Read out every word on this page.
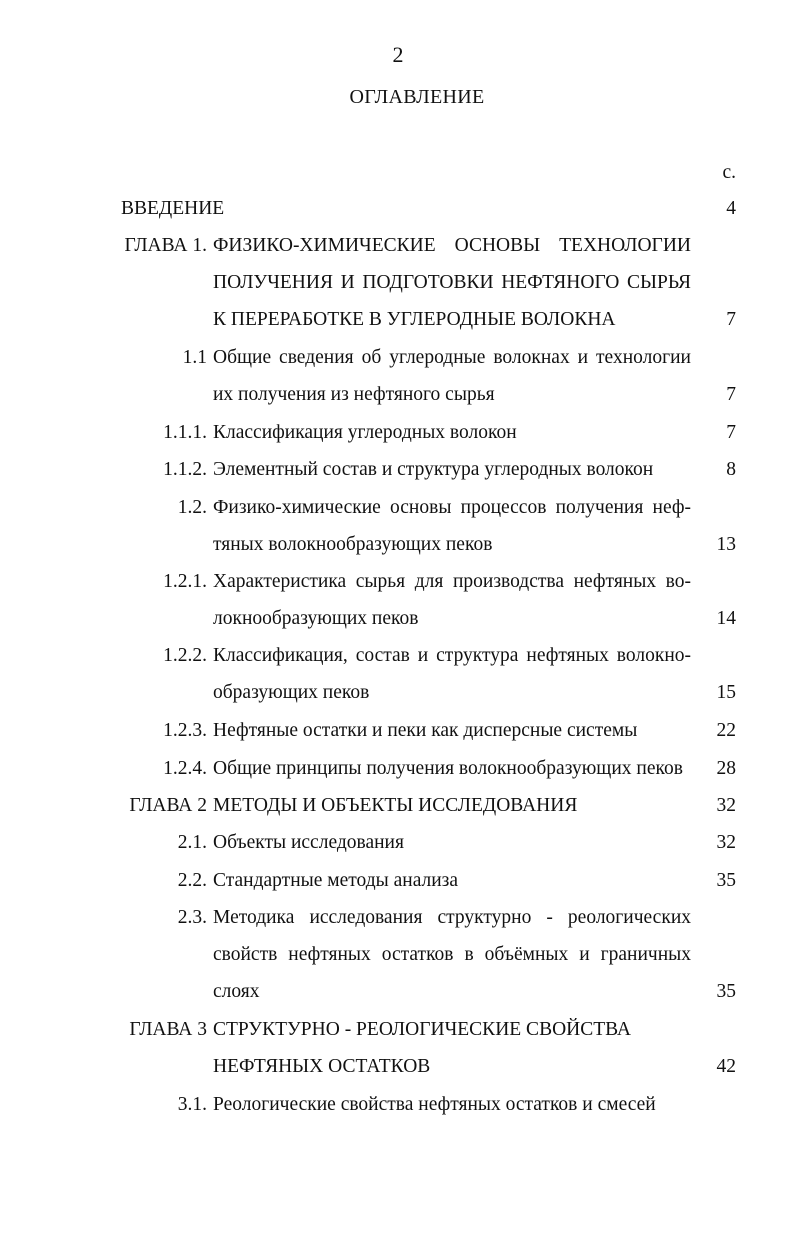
2
ОГЛАВЛЕНИЕ
с.
ВВЕДЕНИЕ	4
ГЛАВА 1. ФИЗИКО-ХИМИЧЕСКИЕ ОСНОВЫ ТЕХНОЛОГИИ
ПОЛУЧЕНИЯ И ПОДГОТОВКИ НЕФТЯНОГО СЫРЬЯ
К ПЕРЕРАБОТКЕ В УГЛЕРОДНЫЕ ВОЛОКНА	7
1.1 Общие сведения об углеродные волокнах и технологии
их получения из нефтяного сырья	7
1.1.1. Классификация углеродных волокон	7
1.1.2. Элементный состав и структура углеродных волокон	8
1.2. Физико-химические основы процессов получения неф-
тяных волокнообразующих пеков	13
1.2.1. Характеристика сырья для производства нефтяных во-
локнообразующих пеков	14
1.2.2. Классификация, состав и структура нефтяных волокно-
образующих пеков	15
1.2.3. Нефтяные остатки и пеки как дисперсные системы	22
1.2.4. Общие принципы получения волокнообразующих пеков	28
ГЛАВА 2 МЕТОДЫ И ОБЪЕКТЫ ИССЛЕДОВАНИЯ	32
2.1. Объекты исследования	32
2.2. Стандартные методы анализа	35
2.3. Методика исследования структурно - реологических
свойств нефтяных остатков в объёмных и граничных
слоях	35
ГЛАВА 3 СТРУКТУРНО - РЕОЛОГИЧЕСКИЕ СВОЙСТВА
НЕФТЯНЫХ ОСТАТКОВ	42
3.1. Реологические свойства нефтяных остатков и смесей
